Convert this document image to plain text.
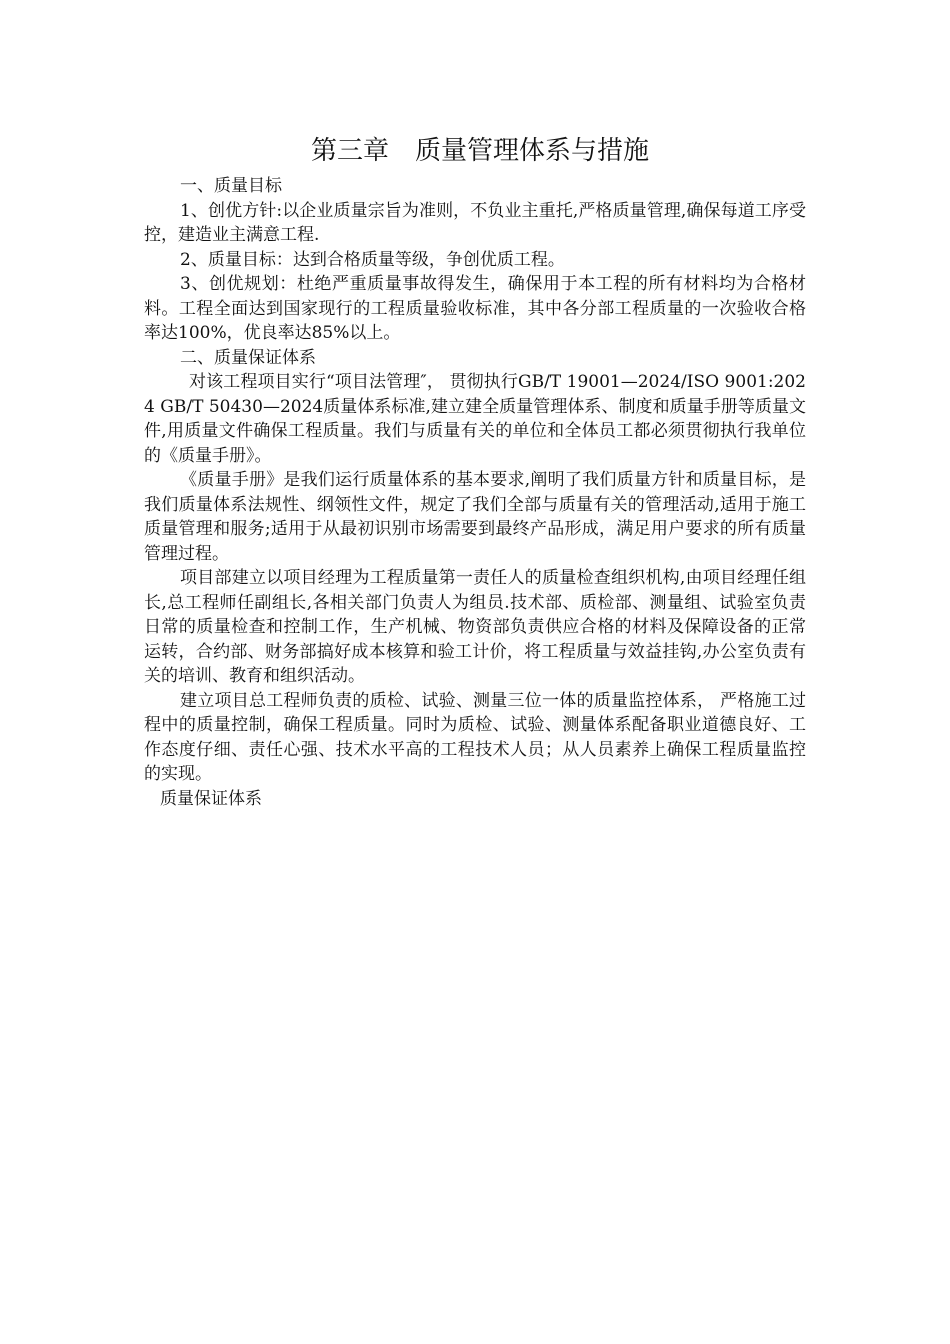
第三章 质量管理体系与措施

一、质量目标

1、创优方针:以企业质量宗旨为准则，不负业主重托,严格质量管理,确保每道工序受控，建造业主满意工程.

2、质量目标：达到合格质量等级，争创优质工程。

3、创优规划：杜绝严重质量事故得发生，确保用于本工程的所有材料均为合格材料。工程全面达到国家现行的工程质量验收标准，其中各分部工程质量的一次验收合格率达100%，优良率达85%以上。

二、质量保证体系

对该工程项目实行“项目法管理″， 贯彻执行GB/T 19001—2024/ISO 9001:2024 GB/T 50430—2024质量体系标准,建立建全质量管理体系、制度和质量手册等质量文件,用质量文件确保工程质量。我们与质量有关的单位和全体员工都必须贯彻执行我单位的《质量手册》。

《质量手册》是我们运行质量体系的基本要求,阐明了我们质量方针和质量目标，是我们质量体系法规性、纲领性文件，规定了我们全部与质量有关的管理活动,适用于施工质量管理和服务;适用于从最初识别市场需要到最终产品形成，满足用户要求的所有质量管理过程。

项目部建立以项目经理为工程质量第一责任人的质量检查组织机构,由项目经理任组长,总工程师任副组长,各相关部门负责人为组员.技术部、质检部、测量组、试验室负责日常的质量检查和控制工作，生产机械、物资部负责供应合格的材料及保障设备的正常运转，合约部、财务部搞好成本核算和验工计价，将工程质量与效益挂钩,办公室负责有关的培训、教育和组织活动。

建立项目总工程师负责的质检、试验、测量三位一体的质量监控体系， 严格施工过程中的质量控制，确保工程质量。同时为质检、试验、测量体系配备职业道德良好、工作态度仔细、责任心强、技术水平高的工程技术人员；从人员素养上确保工程质量监控的实现。

质量保证体系
